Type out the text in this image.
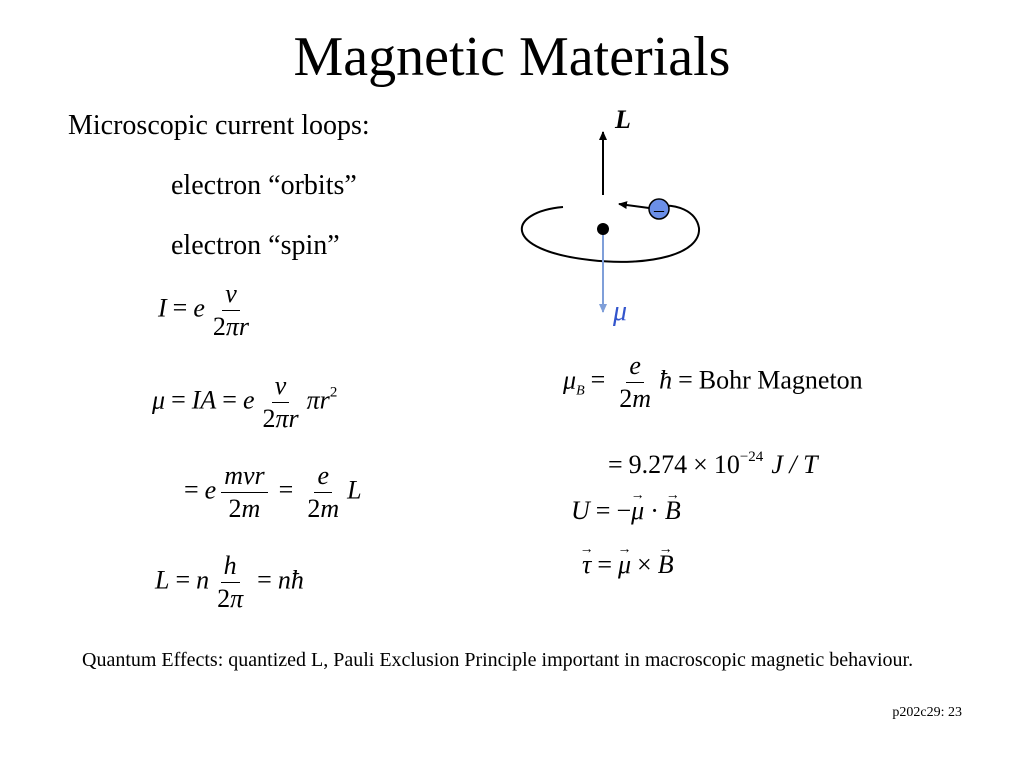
Magnetic Materials
Microscopic current loops:
electron “orbits”
electron “spin”
–
L
μ
I = e $\frac{v}{2\pi r}$
μ = IA = e $\frac{v}{2\pi r} \pi r^2$
= e $\frac{\text{mvr}}{2m} = \frac{e}{2m}$ L
L = n $\frac{h}{2\pi}$ = nħ
$\mu_B = \frac{e}{2m}$ ħ = Bohr Magneton
= $9.274 \times 10^{-24}$ J / T
U = −→ μ · → B
→ τ = → μ × → B
Quantum Effects: quantized L, Pauli Exclusion Principle important in macroscopic magnetic behaviour.
p202c29: 23
